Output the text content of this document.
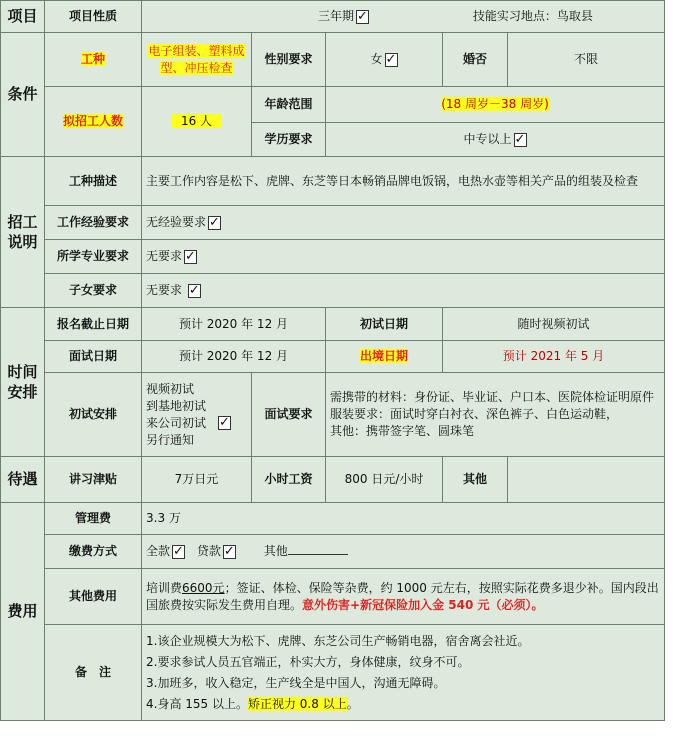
项目	项目性质	三年期 ✓ 技能实习地点：鸟取县
条件	工种	电子组装、塑料成型、冲压检查	性别要求	女✓	婚否	不限
	拟招工人数	16 人	年龄范围	(18 周岁－38 周岁)		
			学历要求	中专以上✓
招工说明	工种描述	主要工作内容是松下、虎牌、东芝等日本畅销品牌电饭锅，电热水壶等相关产品的组装及检查				
	工作经验要求	无经验要求✓
	所学专业要求	无要求✓
	子女要求	无要求 ✓
时间安排	报名截止日期	预计 2020 年 12 月		初试日期	随时视频初试	
	面试日期	预计 2020 年 12 月		出境日期	预计 2021 年 5 月	
	初试安排	视频初试
到基地初试
来公司初试✓
另行通知	面试要求	需携带的材料：身份证、毕业证、户口本、医院体检证明原件
服装要求：面试时穿白衬衣、深色裤子、白色运动鞋，
其他：携带签字笔、圆珠笔		

待遇	讲习津贴	7万日元	小时工资	800 日元/小时	其他	
费用	管理费	3.3 万				
	缴费方式	全款 ✓ 贷款 ✓ 其他
	其他费用	培训费6600元；签证、体检、保险等杂费，约 1000 元左右，按照实际花费多退少补。国内段出国旅费按实际发生费用自理。意外伤害+新冠保险加入金 540 元（必须）。				
	备　注	1.该企业规模大为松下、虎牌、东芝公司生产畅销电器，宿舍离会社近。
2.要求参试人员五官端正，朴实大方，身体健康，纹身不可。
3.加班多，收入稳定，生产线全是中国人，沟通无障碍。
4.身高 155 以上。矫正视力 0.8 以上。				
